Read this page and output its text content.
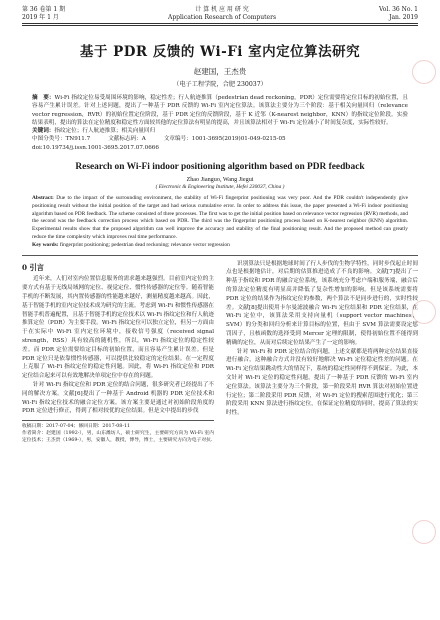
第 36 卷第 1 期
2019 年 1 月
计 算 机 应 用 研 究
Application Research of Computers
Vol. 36 No. 1
Jan. 2019
基于 PDR 反馈的 Wi-Fi 室内定位算法研究
赵建国，王杰贵
（电子工程学院，合肥 230037）
摘　要：Wi-Fi 指纹定位易受周围环境的影响，稳定性差；行人航迹推算（pedestrian dead reckoning，PDR）定位需要将定位目标的初始位置，且容易产生累计误差。针对上述问题，提出了一种基于 PDR 反馈的 Wi-Fi 室内定位算法。该算法主要分为三个阶段：基于相关向量回归（relevance vector regression，RVR）的初始位置定位阶段，基于 PDR 定位的反馈阶段，基于 K 近邻（K-nearest neighbor，KNN）的指纹定位阶段。实验结果表明，提出的算法在定位精度和稳定性方面较其他的定位算法有明显的提高，并且该算法相对于 Wi-Fi 定位减小了时间复杂度，实际性较好。
关键词：指纹定位；行人航迹推算；相关向量回归
中图分类号：TN911.7	文献标志码：A	文章编号：1001-3695(2019)01-049-0215-05
doi:10.19734/j.issn.1001-3695.2017.07.0666
Research on Wi-Fi indoor positioning algorithm based on PDR feedback
Zhao Jianguo, Wang Jiegui
( Electronic & Engineering Institute, Hefei 230037, China )
Abstract: Due to the impact of the surrounding environment, the stability of Wi-Fi fingerprint positioning was very poor. And the PDR couldn't independently give positioning result without the initial position of the target and had serious cumulative error. In order to address this issue, the paper presented a Wi-Fi indoor positioning algorithm based on PDR feedback. The scheme consisted of three processes. The first was to get the initial position based on relevance vector regression (RVR) methods, and the second was the feedback correction process which based on PDR. The third was the fingerprint positioning process based on K-nearest neighbor (KNN) algorithm. Experimental results show that the proposed algorithm can well improve the accuracy and stability of the final positioning result. And the proposed method can greatly reduce the time complexity which improves real time performance.
Key words: fingerprint positioning; pedestrian dead reckoning; relevance vector regression
0 引言

近年来，人们对室内位置信息服务的需求越来越强烈。目前室内定位的主要方式有基于无线局域网的定位、视觉定位、惯性传感器的定位等。随着智能手机的不断发展，其内置传感器的性能越来越好，测量精度越来越高。因此，基于智能手机的室内定位技术成为研究的主流。考虑到 Wi-Fi 和惯性传感器在智能手机普遍配置，且基于智能手机的定位技术以 Wi-Fi 指纹定位和行人航迹推算定位（PDR）为主要手段。Wi-Fi 指纹定位可以独立定位，但另一方面由于在实际中 Wi-Fi 室内定位环境中，接收信号强度（received signal strength，RSS）具有较高的随机性，所以，Wi-Fi 指纹定位的稳定性较差。而 PDR 定位需要给定目标的初始位置，而且容易产生累计误差。但是 PDR 定位只是依靠惯性传感器，可以提供比较稳定的定位结果。在一定程度上克服了 Wi-Fi 指纹定位的稳定性问题。因此，将 Wi-Fi 指纹定位和 PDR 定位结合起来可以有效地解决单项定位中存在的问题。

针对 Wi-Fi 指纹定位和 PDR 定位的结合问题，很多研究者已经提出了不同的解决方案。文献[6]提出了一种基于 Android 机器的 PDR 定位技术和 Wi-Fi 指纹定位技术的融合定位方案。该方案主要是通过对初始阶段角度的 PDR 定位进行修正，得到了相对较优的定位结果。但是文中提出的步伐

收稿日期：2017-07-04；修回日期：2017-08-11
作者简介：赵建国（1992-），男，山东潍坊人，硕士研究生，主要研究方向为 Wi-Fi 室内定位技术；王杰贵（1969-），男，安徽人，教授，博导，博士，主要研究方向为电子对抗.

识别算法只是根据地球时间了行人步伐的生物学特性，同时步伐起止时间点也是根据地估计，对后期的估算推进造成了不良的影响。文献[7]提出了一种基于指纹和 PDR 的融合定位系统，该系统充分考虑户端和服务端，融合后的算法定位精度有明显高并降低了复杂性增加的影响。但是该系统需要将 PDR 定位的结果作为指纹定位的参数，两个算法不是同步进行的，实时性较差。文献[8]提出使用卡尔曼滤波融合 Wi-Fi 定位结果和 PDR 定位结果，在 Wi-Fi 定位中，该算法采用支持向量机（support vector machines，SVM）的分类和回归分析来计算目标的位置，但由于 SVM 算法需要设定惩罚因子，且核函数的选择受到 Mercer 定理的限制，使得初始位置不能得到精确的定位，从而对后续定位结果产生了一定的影响。

针对 Wi-Fi 和 PDR 定位结合的问题，上述文献都是将两种定位结果直接进行融合，这种融合方式并没有较好地解决 Wi-Fi 定位稳定性差的问题。在 Wi-Fi 定位结果跳动性大的情况下，系统的稳定性同样得不到保证。为此，本文针对 Wi-Fi 定位的稳定性问题，提出了一种基于 PDR 反馈的 Wi-Fi 室内定位算法。该算法主要分为三个阶段，第一阶段采用 RVR 算法对初始位置进行定位；第二阶段采用 PDR 反馈，对 Wi-Fi 定位的搜索范围进行优化；第三阶段采用 KNN 算法进行指纹定位，在保证定位精度的同时，提高了算法的实时性。
